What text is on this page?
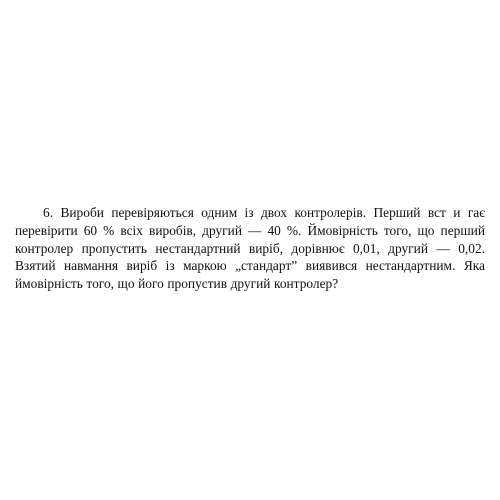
6. Вироби перевіряються одним із двох контролерів. Перший вст и гає перевірити 60 % всіх виробів, другий — 40 %. Ймовірність того, що перший контролер пропустить нестандартний виріб, дорівнює 0,01, другий — 0,02. Взятий навмання виріб із маркою „стандарт” виявився нестандартним. Яка ймовірність того, що його пропустив другий контролер?
